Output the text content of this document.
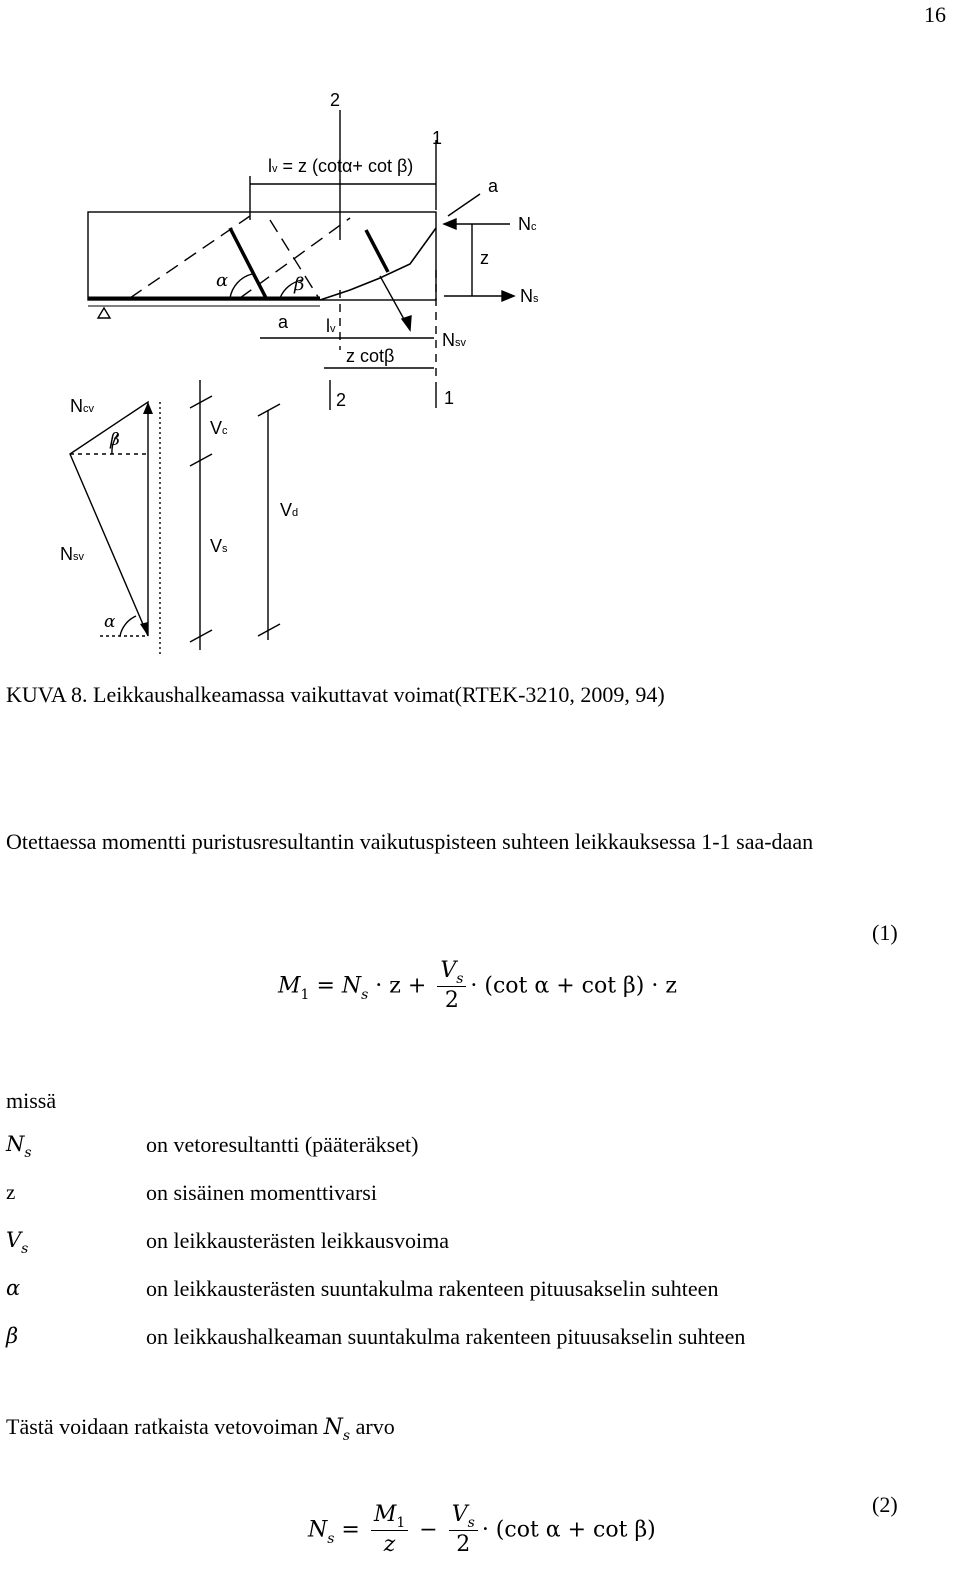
16
2
1
lv = z (cotα+ cot β)
a
Nc
z
Ns
α	β
a lv
Nsv
z cotβ
2	1
Ncv
β
Nsv
α
Vc
Vs
Vd
KUVA 8. Leikkaushalkeamassa vaikuttavat voimat(RTEK-3210, 2009, 94)
Otettaessa momentti puristusresultantin vaikutuspisteen suhteen leikkauksessa 1-1 saa-daan
(1)
$M_1 = N_s \cdot z + \frac{V_s}{2} \cdot (\cot$ α + cot β) · z
missä
$N_s$	on vetoresultantti (pääteräkset)
z	on sisäinen momenttivarsi
$V_s$	on leikkausterästen leikkausvoima
α	on leikkausterästen suuntakulma rakenteen pituusakselin suhteen
β	on leikkaushalkeaman suuntakulma rakenteen pituusakselin suhteen
Tästä voidaan ratkaista vetovoiman $N_s$ arvo
(2)
$N_s = \frac{M_1}{z} - \frac{V_s}{2} \cdot (\cot$ α + cot β)
